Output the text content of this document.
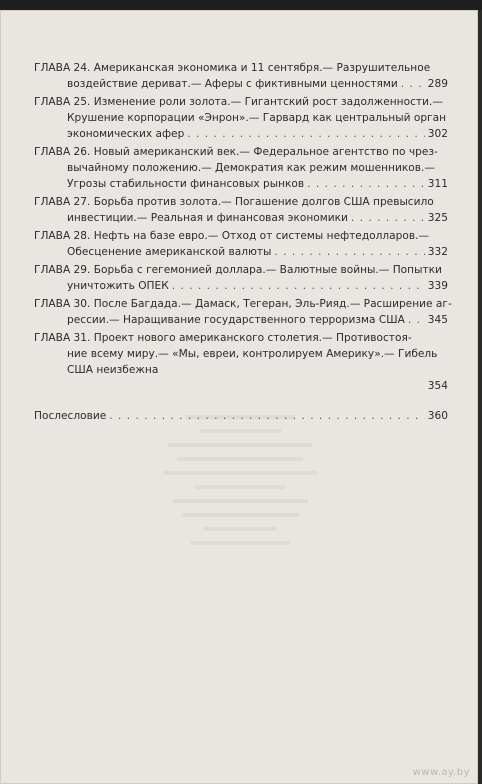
ГЛАВА 24. Американская экономика и 11 сентября.— Разрушительное
воздействие дериват.— Аферы с фиктивными ценностями . . .	289
ГЛАВА 25. Изменение роли золота.— Гигантский рост задолженности.—
Крушение корпорации «Энрон».— Гарвард как центральный орган
экономических афер . . .	302
ГЛАВА 26. Новый американский век.— Федеральное агентство по чрез-
вычайному положению.— Демократия как режим мошенников.—
Угрозы стабильности финансовых рынков . . .	311
ГЛАВА 27. Борьба против золота.— Погашение долгов США превысило
инвестиции.— Реальная и финансовая экономики . . .	325
ГЛАВА 28. Нефть на базе евро.— Отход от системы нефтедолларов.—
Обесценение американской валюты . . .	332
ГЛАВА 29. Борьба с гегемонией доллара.— Валютные войны.— Попытки
уничтожить ОПЕК . . .	339
ГЛАВА 30. После Багдада.— Дамаск, Тегеран, Эль-Рияд.— Расширение аг-
рессии.— Наращивание государственного терроризма США . . . 345
ГЛАВА 31. Проект нового американского столетия.— Противостоя-
ние всему миру.— «Мы, евреи, контролируем Америку».— Гибель
США неизбежна
354
Послесловие . . .	360
www.ay.by
